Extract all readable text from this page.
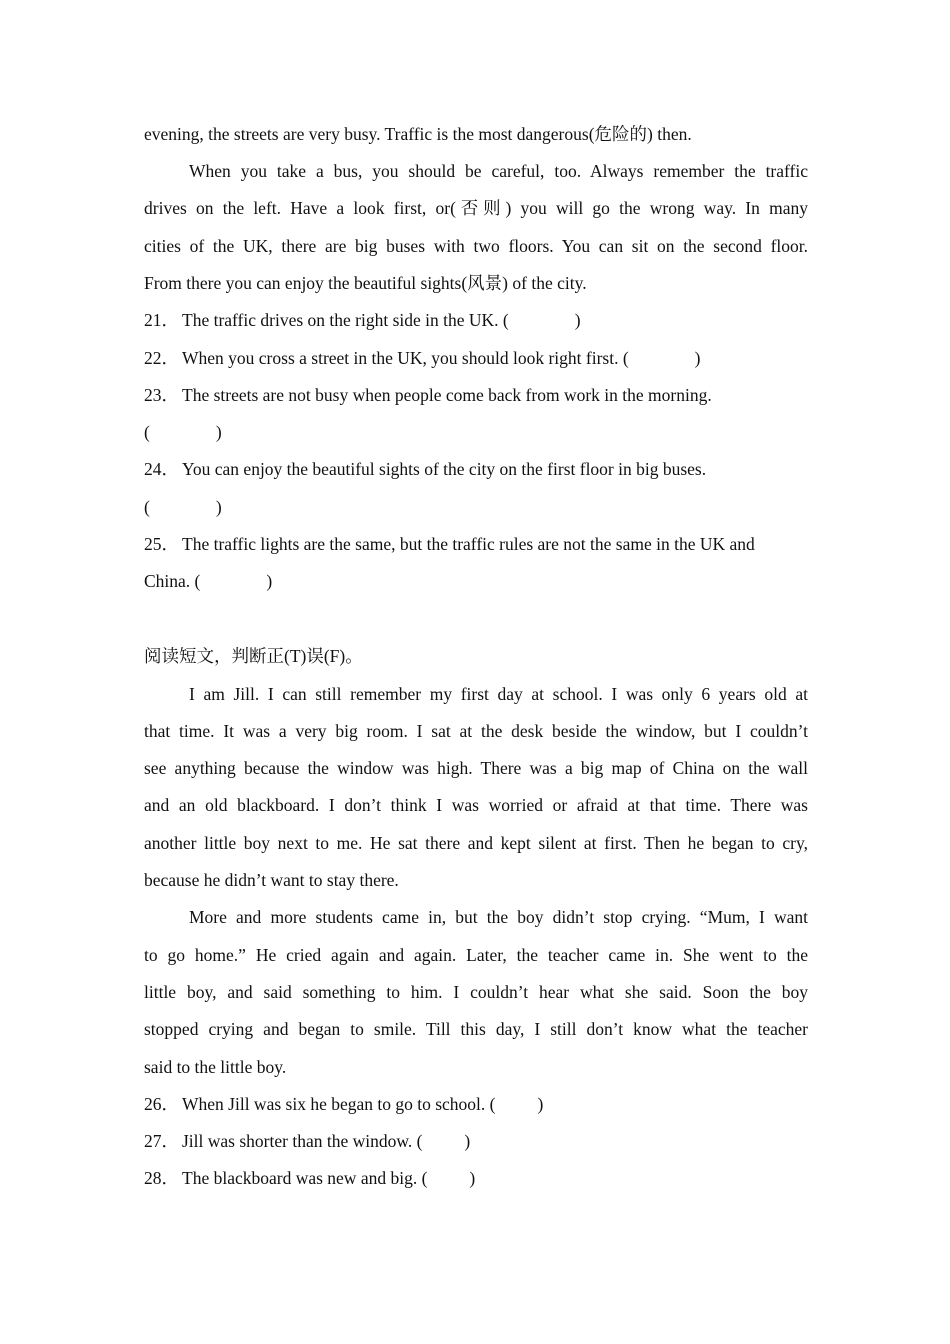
evening, the streets are very busy. Traffic is the most dangerous(危险的) then.
When you take a bus, you should be careful, too. Always remember the traffic
drives on the left. Have a look first, or(否则) you will go the wrong way. In many
cities of the UK, there are big buses with two floors. You can sit on the second floor.
From there you can enjoy the beautiful sights(风景) of the city.
21． The traffic drives on the right side in the UK. (	)
22． When you cross a street in the UK, you should look right first. (	)
23． The streets are not busy when people come back from work in the morning.
(	)
24． You can enjoy the beautiful sights of the city on the first floor in big buses.
(	)
25． The traffic lights are the same, but the traffic rules are not the same in the UK and
China. (	)
阅读短文，判断正(T)误(F)。
I am Jill. I can still remember my first day at school. I was only 6 years old at
that time. It was a very big room. I sat at the desk beside the window, but I couldn’t
see anything because the window was high. There was a big map of China on the wall
and an old blackboard. I don’t think I was worried or afraid at that time. There was
another little boy next to me. He sat there and kept silent at first. Then he began to cry,
because he didn’t want to stay there.
More and more students came in, but the boy didn’t stop crying. “Mum, I want
to go home.” He cried again and again. Later, the teacher came in. She went to the
little boy, and said something to him. I couldn’t hear what she said. Soon the boy
stopped crying and began to smile. Till this day, I still don’t know what the teacher
said to the little boy.
26． When Jill was six he began to go to school. ( )
27． Jill was shorter than the window. ( )
28． The blackboard was new and big. ( )
